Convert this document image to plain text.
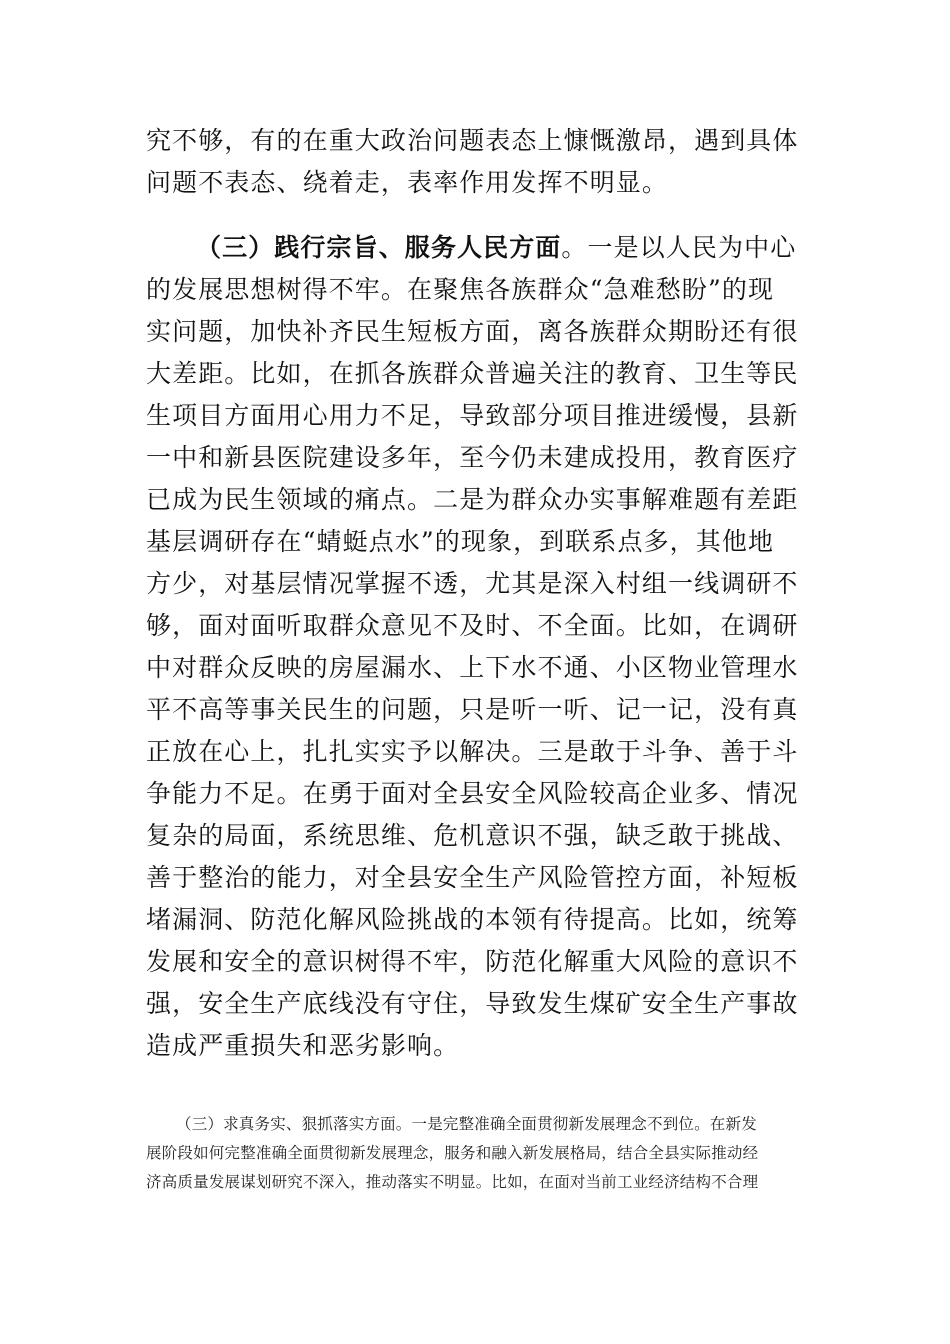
究不够，有的在重大政治问题表态上慷慨激昂，遇到具体
问题不表态、绕着走，表率作用发挥不明显。
（三）践行宗旨、服务人民方面。一是以人民为中心
的发展思想树得不牢。在聚焦各族群众“急难愁盼”的现
实问题，加快补齐民生短板方面，离各族群众期盼还有很
大差距。比如，在抓各族群众普遍关注的教育、卫生等民
生项目方面用心用力不足，导致部分项目推进缓慢，县新
一中和新县医院建设多年，至今仍未建成投用，教育医疗
已成为民生领域的痛点。二是为群众办实事解难题有差距
基层调研存在“蜻蜓点水”的现象，到联系点多，其他地
方少，对基层情况掌握不透，尤其是深入村组一线调研不
够，面对面听取群众意见不及时、不全面。比如，在调研
中对群众反映的房屋漏水、上下水不通、小区物业管理水
平不高等事关民生的问题，只是听一听、记一记，没有真
正放在心上，扎扎实实予以解决。三是敢于斗争、善于斗
争能力不足。在勇于面对全县安全风险较高企业多、情况
复杂的局面，系统思维、危机意识不强，缺乏敢于挑战、
善于整治的能力，对全县安全生产风险管控方面，补短板
堵漏洞、防范化解风险挑战的本领有待提高。比如，统筹
发展和安全的意识树得不牢，防范化解重大风险的意识不
强，安全生产底线没有守住，导致发生煤矿安全生产事故
造成严重损失和恶劣影响。
（三）求真务实、狠抓落实方面。一是完整准确全面贯彻新发展理念不到位。在新发
展阶段如何完整准确全面贯彻新发展理念，服务和融入新发展格局，结合全县实际推动经
济高质量发展谋划研究不深入，推动落实不明显。比如，在面对当前工业经济结构不合理
